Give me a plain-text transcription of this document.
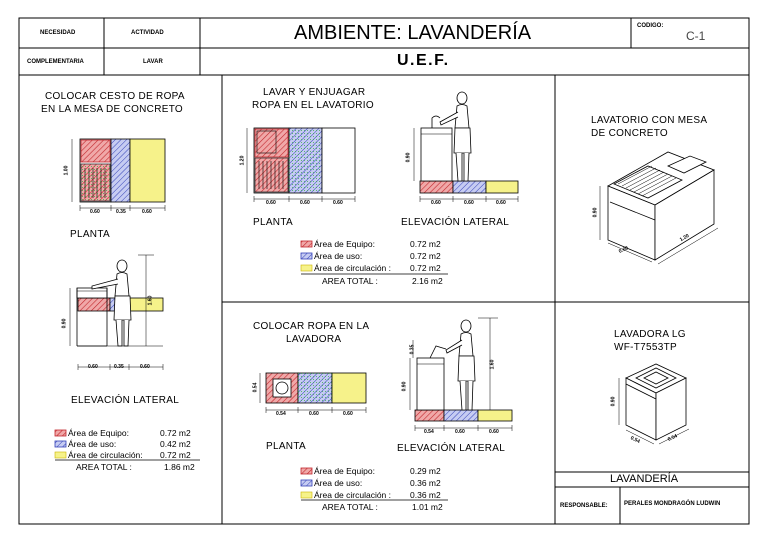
NECESIDAD	ACTIVIDAD
COMPLEMENTARIA	LAVAR
AMBIENTE: LAVANDERÍA
U.E.F.
CODIGO:
C-1
COLOCAR CESTO DE ROPA
EN LA MESA DE CONCRETO
0.60	0.35	0.60
1.00
PLANTA
0.90
1.60
0.60	0.35	0.60
ELEVACIÓN LATERAL
Área de Equipo:	0.72 m2
Área de uso:	0.42 m2
Área de circulación: 0.72 m2
AREA TOTAL :	1.86 m2
LAVAR Y ENJUAGAR
ROPA EN EL LAVATORIO
0.60	0.60	0.60
1.20
PLANTA
0.90
0.60	0.60	0.60
ELEVACIÓN LATERAL
Área de Equipo:	0.72 m2
Área de uso:	0.72 m2
Área de circulación : 0.72 m2
AREA TOTAL :	2.16 m2
COLOCAR ROPA EN LA
LAVADORA
0.54	0.60	0.60
0.54
PLANTA
0.90
0.35
1.60
0.54	0.60	0.60
ELEVACIÓN LATERAL
Área de Equipo:	0.29 m2
Área de uso:	0.36 m2
Área de circulación : 0.36 m2
AREA TOTAL :	1.01 m2
LAVATORIO CON MESA
DE CONCRETO
0.90
0.60
1.20
LAVADORA LG
WF-T7553TP
0.90
0.54	0.54
LAVANDERÍA
RESPONSABLE:	PERALES MONDRAGÓN LUDWIN
